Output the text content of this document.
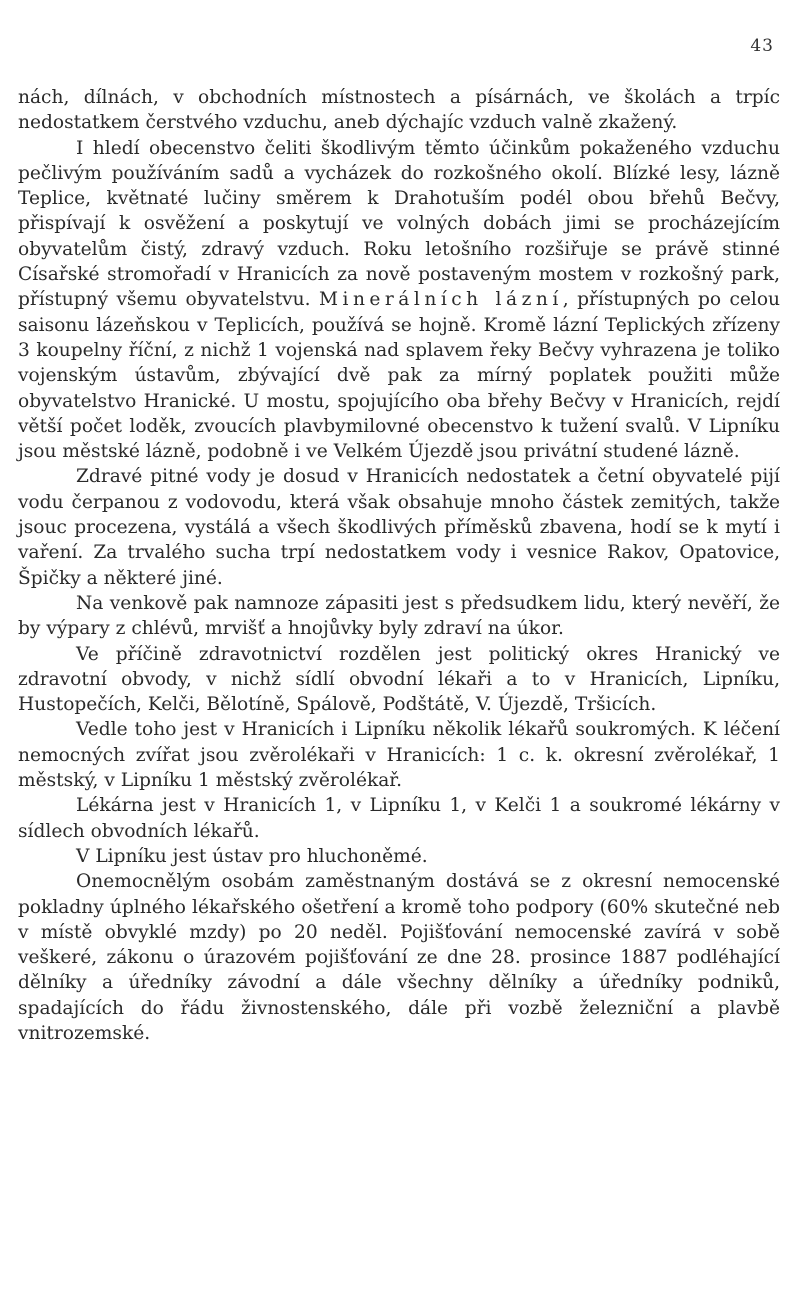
43

nách, dílnách, v obchodních místnostech a písárnách, ve školách a trpíc nedostatkem čerstvého vzduchu, aneb dýchajíc vzduch valně zkažený.

I hledí obecenstvo čeliti škodlivým těmto účinkům pokaženého vzduchu pečlivým používáním sadů a vycházek do rozkošného okolí. Blízké lesy, lázně Teplice, květnaté lučiny směrem k Drahotuším podél obou břehů Bečvy, přispívají k osvěžení a poskytují ve volných dobách jimi se procházejícím obyvatelům čistý, zdravý vzduch. Roku letošního rozšiřuje se právě stinné Císařské stromořadí v Hranicích za nově postaveným mostem v rozkošný park, přístupný všemu obyvatelstvu. Minerálních lázní, přístupných po celou saisonu lázeňskou v Teplicích, používá se hojně. Kromě lázní Teplických zřízeny 3 koupelny říční, z nichž 1 vojenská nad splavem řeky Bečvy vyhrazena je toliko vojenským ústavům, zbývající dvě pak za mírný poplatek použiti může obyvatelstvo Hranické. U mostu, spojujícího oba břehy Bečvy v Hranicích, rejdí větší počet loděk, zvoucích plavbymilovné obecenstvo k tužení svalů. V Lipníku jsou městské lázně, podobně i ve Velkém Újezdě jsou privátní studené lázně.

Zdravé pitné vody je dosud v Hranicích nedostatek a četní obyvatelé pijí vodu čerpanou z vodovodu, která však obsahuje mnoho částek zemitých, takže jsouc procezena, vystálá a všech škodlivých příměsků zbavena, hodí se k mytí i vaření. Za trvalého sucha trpí nedostatkem vody i vesnice Rakov, Opatovice, Špičky a některé jiné.

Na venkově pak namnoze zápasiti jest s předsudkem lidu, který nevěří, že by výpary z chlévů, mrvišť a hnojůvky byly zdraví na úkor.

Ve příčině zdravotnictví rozdělen jest politický okres Hranický ve zdravotní obvody, v nichž sídlí obvodní lékaři a to v Hranicích, Lipníku, Hustopečích, Kelči, Bělotíně, Spálově, Podštátě, V. Újezdě, Tršicích.

Vedle toho jest v Hranicích i Lipníku několik lékařů soukromých. K léčení nemocných zvířat jsou zvěrolékaři v Hranicích: 1 c. k. okresní zvěrolékař, 1 městský, v Lipníku 1 městský zvěrolékař.

Lékárna jest v Hranicích 1, v Lipníku 1, v Kelči 1 a soukromé lékárny v sídlech obvodních lékařů.

V Lipníku jest ústav pro hluchoněmé.

Onemocnělým osobám zaměstnaným dostává se z okresní nemocenské pokladny úplného lékařského ošetření a kromě toho podpory (60% skutečné neb v místě obvyklé mzdy) po 20 neděl. Pojišťování nemocenské zavírá v sobě veškeré, zákonu o úrazovém pojišťování ze dne 28. prosince 1887 podléhající dělníky a úředníky závodní a dále všechny dělníky a úředníky podniků, spadajících do řádu živnostenského, dále při vozbě železniční a plavbě vnitrozemské.
